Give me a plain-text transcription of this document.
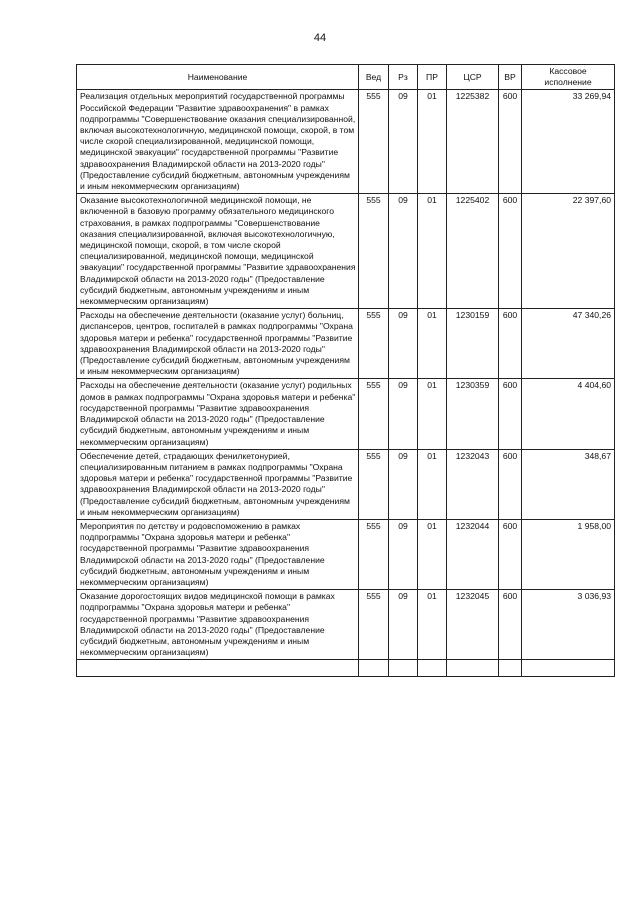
44
Наименование	Вед	Рз	ПР	ЦСР	ВР	Кассовое исполнение
Реализация отдельных мероприятий государственной программы Российской Федерации "Развитие здравоохранения" в рамках подпрограммы "Совершенствование оказания специализированной, включая высокотехнологичную, медицинской помощи, скорой, в том числе скорой специализированной, медицинской помощи, медицинской эвакуации" государственной программы "Развитие здравоохранения Владимирской области на 2013-2020 годы" (Предоставление субсидий бюджетным, автономным учреждениям и иным некоммерческим организациям)	555	09	01	1225382	600	33 269,94
Оказание высокотехнологичной медицинской помощи, не включенной в базовую программу обязательного медицинского страхования, в рамках подпрограммы "Совершенствование оказания специализированной, включая высокотехнологичную, медицинской помощи, скорой, в том числе скорой специализированной, медицинской помощи, медицинской эвакуации" государственной программы "Развитие здравоохранения Владимирской области на 2013-2020 годы" (Предоставление субсидий бюджетным, автономным учреждениям и иным некоммерческим организациям)	555	09	01	1225402	600	22 397,60
Расходы на обеспечение деятельности (оказание услуг) больниц, диспансеров, центров, госпиталей в рамках подпрограммы "Охрана здоровья матери и ребенка" государственной программы "Развитие здравоохранения Владимирской области на 2013-2020 годы" (Предоставление субсидий бюджетным, автономным учреждениям и иным некоммерческим организациям)	555	09	01	1230159	600	47 340,26
Расходы на обеспечение деятельности (оказание услуг) родильных домов в рамках подпрограммы "Охрана здоровья матери и ребенка" государственной программы "Развитие здравоохранения Владимирской области на 2013-2020 годы" (Предоставление субсидий бюджетным, автономным учреждениям и иным некоммерческим организациям)	555	09	01	1230359	600	4 404,60
Обеспечение детей, страдающих фенилкетонурией, специализированным питанием в рамках подпрограммы "Охрана здоровья матери и ребенка" государственной программы "Развитие здравоохранения Владимирской области на 2013-2020 годы" (Предоставление субсидий бюджетным, автономным учреждениям и иным некоммерческим организациям)	555	09	01	1232043	600	348,67
Мероприятия по детству и родовспоможению в рамках подпрограммы "Охрана здоровья матери и ребенка" государственной программы "Развитие здравоохранения Владимирской области на 2013-2020 годы" (Предоставление субсидий бюджетным, автономным учреждениям и иным некоммерческим организациям)	555	09	01	1232044	600	1 958,00
Оказание дорогостоящих видов медицинской помощи в рамках подпрограммы "Охрана здоровья матери и ребенка" государственной программы "Развитие здравоохранения Владимирской области на 2013-2020 годы" (Предоставление субсидий бюджетным, автономным учреждениям и иным некоммерческим организациям)	555	09	01	1232045	600	3 036,93
